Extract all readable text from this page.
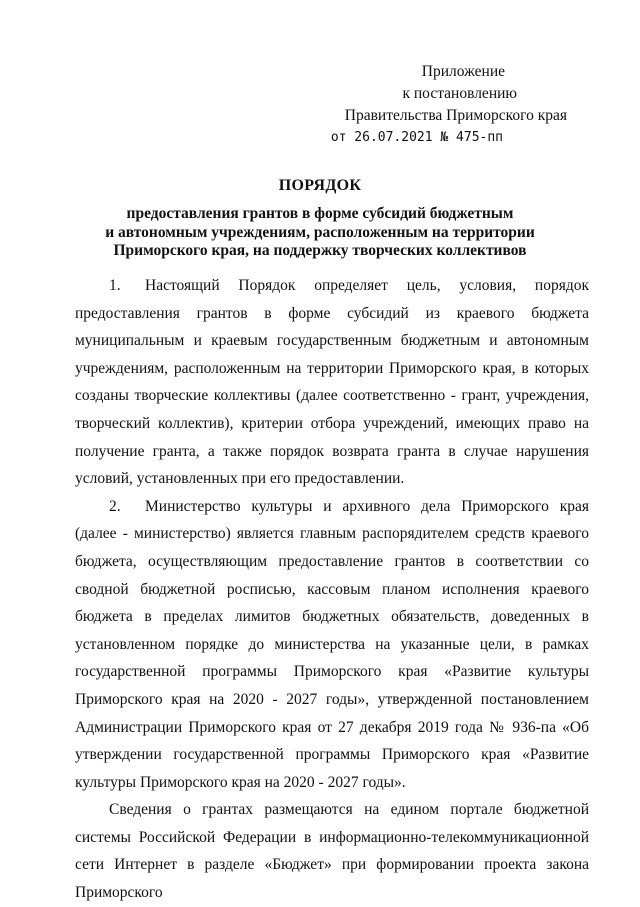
Приложение
к постановлению
Правительства Приморского края
от 26.07.2021 № 475-пп
ПОРЯДОК
предоставления грантов в форме субсидий бюджетным
и автономным учреждениям, расположенным на территории
Приморского края, на поддержку творческих коллективов

1. Настоящий Порядок определяет цель, условия, порядок предоставления грантов в форме субсидий из краевого бюджета муниципальным и краевым государственным бюджетным и автономным учреждениям, расположенным на территории Приморского края, в которых созданы творческие коллективы (далее соответственно - грант, учреждения, творческий коллектив), критерии отбора учреждений, имеющих право на получение гранта, а также порядок возврата гранта в случае нарушения условий, установленных при его предоставлении.

2. Министерство культуры и архивного дела Приморского края (далее - министерство) является главным распорядителем средств краевого бюджета, осуществляющим предоставление грантов в соответствии со сводной бюджетной росписью, кассовым планом исполнения краевого бюджета в пределах лимитов бюджетных обязательств, доведенных в установленном порядке до министерства на указанные цели, в рамках государственной программы Приморского края «Развитие культуры Приморского края на 2020 - 2027 годы», утвержденной постановлением Администрации Приморского края от 27 декабря 2019 года № 936-па «Об утверждении государственной программы Приморского края «Развитие культуры Приморского края на 2020 - 2027 годы».

Сведения о грантах размещаются на едином портале бюджетной системы Российской Федерации в информационно-телекоммуникационной сети Интернет в разделе «Бюджет» при формировании проекта закона Приморского
